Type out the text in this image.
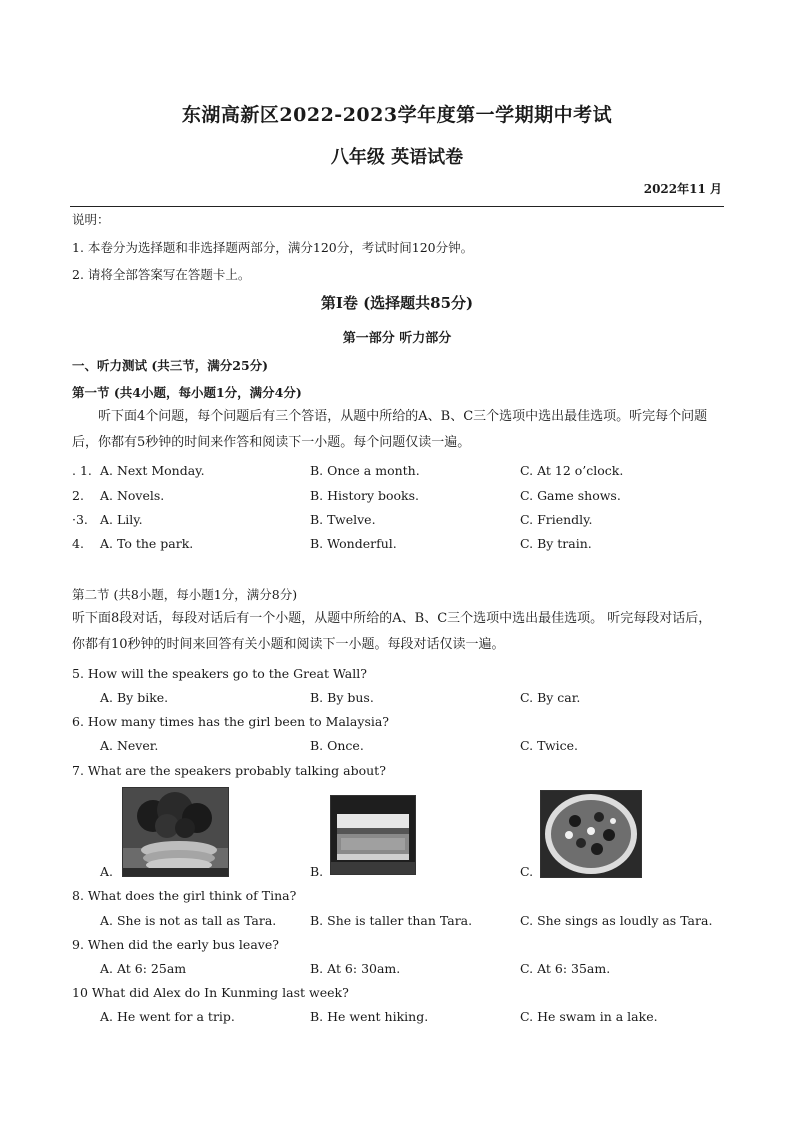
东湖高新区2022-2023学年度第一学期期中考试
八年级 英语试卷
2022年11 月
说明：
1. 本卷分为选择题和非选择题两部分，满分120分，考试时间120分钟。
2. 请将全部答案写在答题卡上。
第Ⅰ卷 (选择题共85分)
第一部分 听力部分
一、听力测试 (共三节，满分25分)
第一节 (共4小题，每小题1分，满分4分)
听下面4个问题，每个问题后有三个答语，从题中所给的A、B、C三个选项中选出最佳选项。听完每个问题后，你都有5秒钟的时间来作答和阅读下一小题。每个问题仅读一遍。
. 1. A. Next Monday.	B. Once a month.	C. At 12 o’clock.
2. A. Novels.	B. History books.	C. Game shows.
·3. A. Lily.	B. Twelve.	C. Friendly.
4. A. To the park.	B. Wonderful.	C. By train.
第二节 (共8小题，每小题1分，满分8分)
听下面8段对话，每段对话后有一个小题，从题中所给的A、B、C三个选项中选出最佳选项。 听完每段对话后，你都有10秒钟的时间来回答有关小题和阅读下一小题。每段对话仅读一遍。
5. How will the speakers go to the Great Wall?
A. By bike.	B. By bus.	C. By car.
6. How many times has the girl been to Malaysia?
A. Never.	B. Once.	C. Twice.
7. What are the speakers probably talking about?
A.	B.	C.
8. What does the girl think of Tina?
A. She is not as tall as Tara.	B. She is taller than Tara.	C. She sings as loudly as Tara.
9. When did the early bus leave?
A. At 6: 25am	B. At 6: 30am.	C. At 6: 35am.
10 What did Alex do In Kunming last week?
A. He went for a trip.	B. He went hiking.	C. He swam in a lake.
